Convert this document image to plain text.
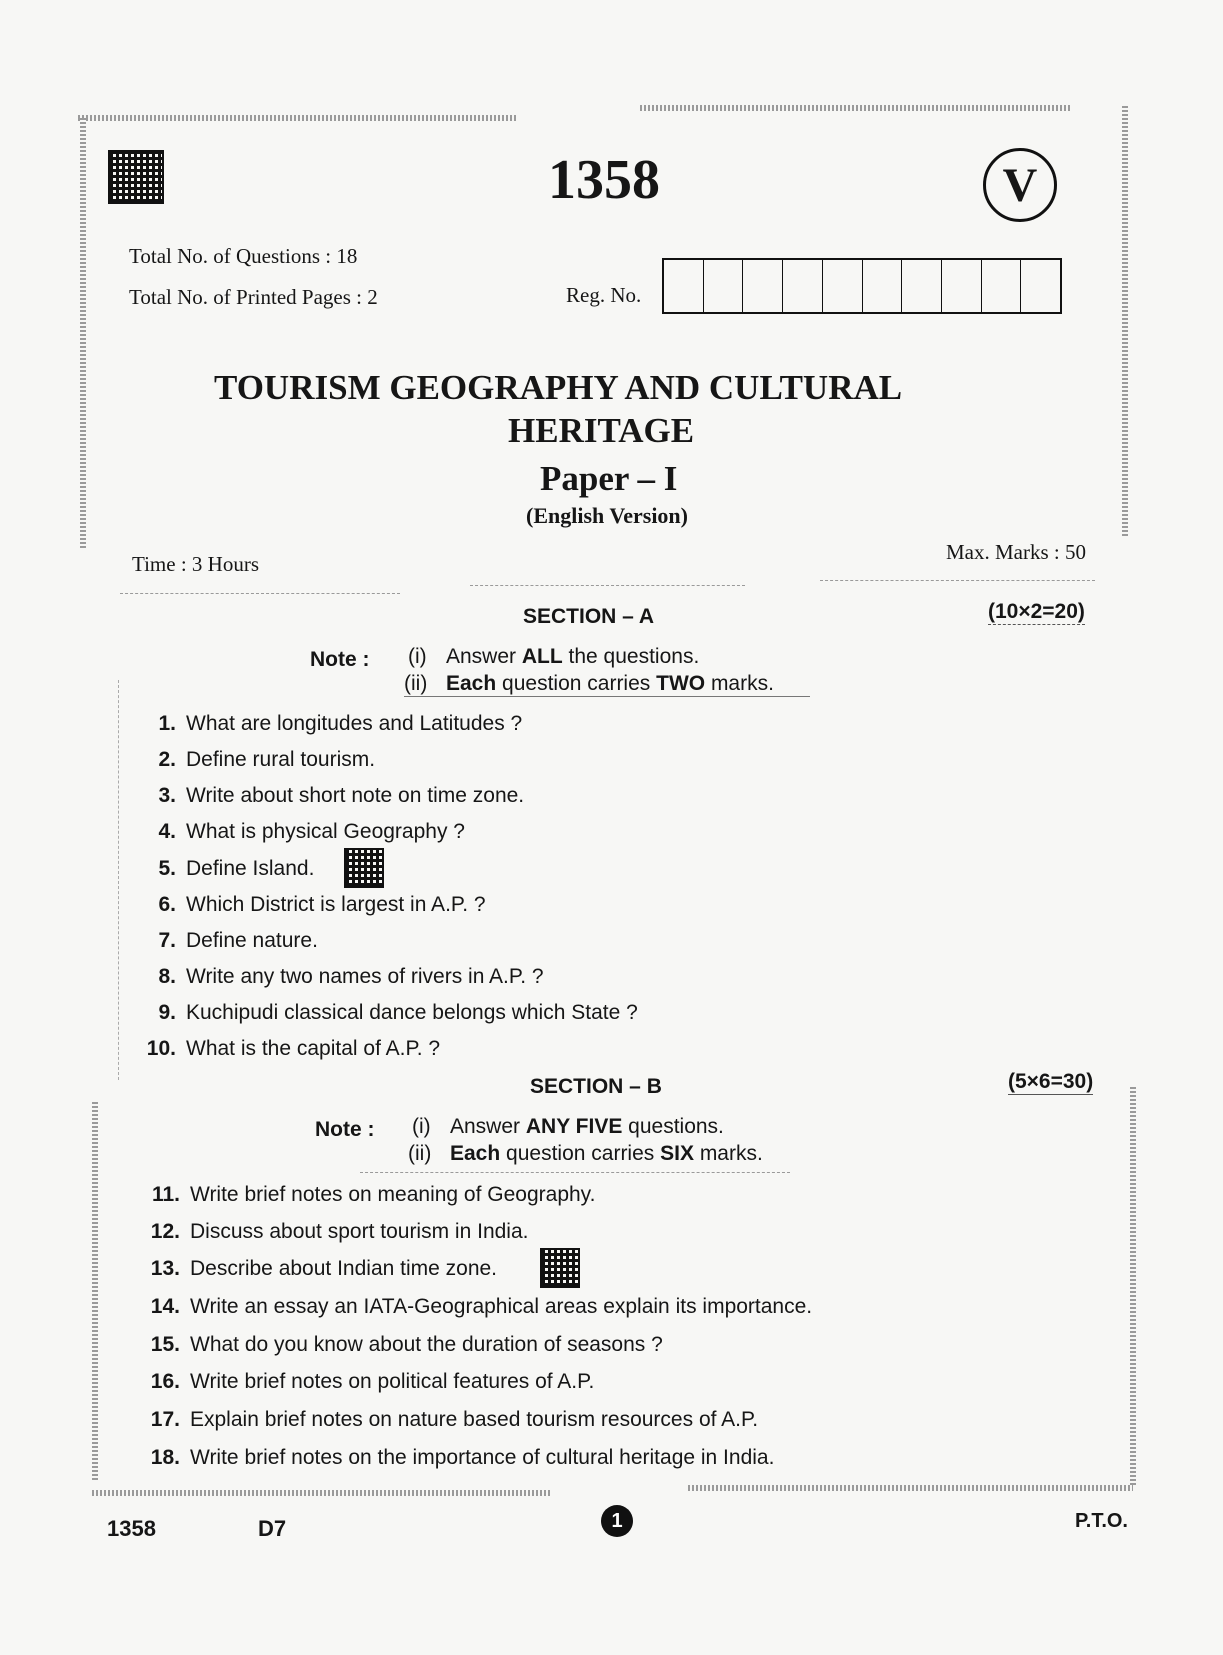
1358	V
Total No. of Questions : 18
Total No. of Printed Pages : 2	Reg. No.
TOURISM GEOGRAPHY AND CULTURAL
HERITAGE
Paper – I
(English Version)
Time : 3 Hours	Max. Marks : 50
SECTION – A	(10×2=20)
Note : (i) Answer ALL the questions.
(ii) Each question carries TWO marks.
1. What are longitudes and Latitudes ?
2. Define rural tourism.
3. Write about short note on time zone.
4. What is physical Geography ?
5. Define Island.
6. Which District is largest in A.P. ?
7. Define nature.
8. Write any two names of rivers in A.P. ?
9. Kuchipudi classical dance belongs which State ?
10. What is the capital of A.P. ?
SECTION – B	(5×6=30)
Note : (i) Answer ANY FIVE questions.
(ii) Each question carries SIX marks.
11. Write brief notes on meaning of Geography.
12. Discuss about sport tourism in India.
13. Describe about Indian time zone.
14. Write an essay an IATA-Geographical areas explain its importance.
15. What do you know about the duration of seasons ?
16. Write brief notes on political features of A.P.
17. Explain brief notes on nature based tourism resources of A.P.
18. Write brief notes on the importance of cultural heritage in India.
1358	D7	1	P.T.O.
